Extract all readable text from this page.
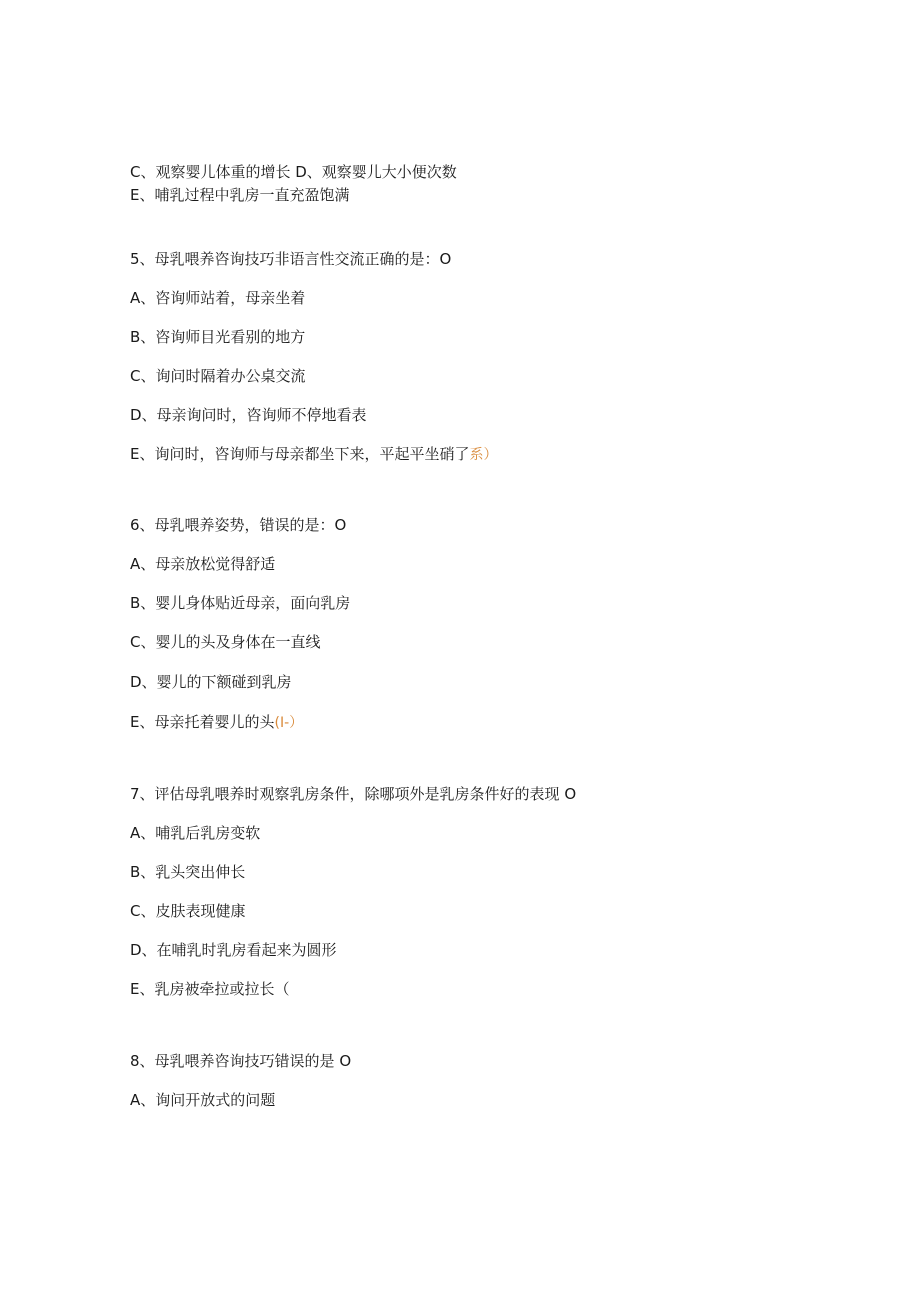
C、观察婴儿体重的增长 D、观察婴儿大小便次数
E、哺乳过程中乳房一直充盈饱满
5、母乳喂养咨询技巧非语言性交流正确的是：O
A、咨询师站着，母亲坐着
B、咨询师目光看别的地方
C、询问时隔着办公桌交流
D、母亲询问时，咨询师不停地看表
E、询问时，咨询师与母亲都坐下来，平起平坐硝了系）
6、母乳喂养姿势，错误的是：O
A、母亲放松觉得舒适
B、婴儿身体贴近母亲，面向乳房
C、婴儿的头及身体在一直线
D、婴儿的下额碰到乳房
E、母亲托着婴儿的头(I-）
7、评估母乳喂养时观察乳房条件，除哪项外是乳房条件好的表现 O
A、哺乳后乳房变软
B、乳头突出伸长
C、皮肤表现健康
D、在哺乳时乳房看起来为圆形
E、乳房被牵拉或拉长（
8、母乳喂养咨询技巧错误的是 O
A、询问开放式的问题
